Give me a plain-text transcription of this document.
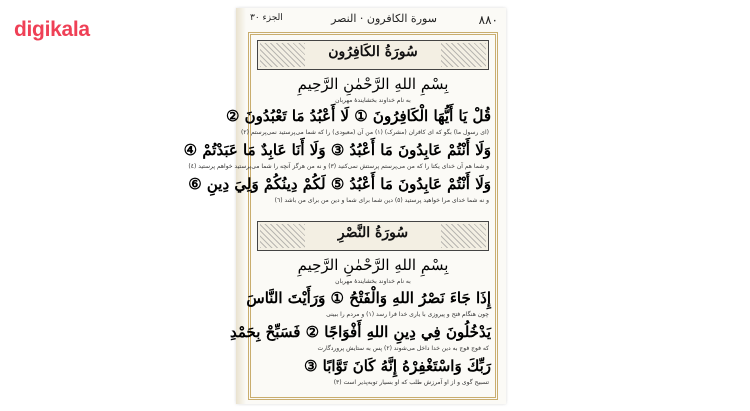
digikala	الجزء ٣٠	سورة الكافرون · النصر	۸۸۰
سُورَةُ الكَافِرُون
بِسْمِ اللهِ الرَّحْمٰنِ الرَّحِيمِ
به نام خداوند بخشایندهٔ مهربان
قُلْ يَا أَيُّهَا الْكَافِرُونَ ① لَا أَعْبُدُ مَا تَعْبُدُونَ ②
(ای رسول ما) بگو که ای کافران (مشرک) (١) من آن (معبودی) را که شما می‌پرستید نمی‌پرستم (٢)
وَلَا أَنْتُمْ عَابِدُونَ مَا أَعْبُدُ ③ وَلَا أَنَا عَابِدٌ مَا عَبَدْتُمْ ④
و شما هم آن خدای یکتا را که من می‌پرستم پرستش نمی‌کنید (٣) و نه من هرگز آنچه را شما می‌پرستید خواهم پرستید (٤)
وَلَا أَنْتُمْ عَابِدُونَ مَا أَعْبُدُ ⑤ لَكُمْ دِينُكُمْ وَلِيَ دِينِ ⑥
و نه شما خدای مرا خواهید پرستید (٥) دین شما برای شما و دین من برای من باشد (٦)
سُورَةُ النَّصْرِ
بِسْمِ اللهِ الرَّحْمٰنِ الرَّحِيمِ
به نام خداوند بخشایندهٔ مهربان
إِذَا جَاءَ نَصْرُ اللهِ وَالْفَتْحُ ① وَرَأَيْتَ النَّاسَ
چون هنگام فتح و پیروزی با یاری خدا فرا رسد (١) و مردم را ببینی
يَدْخُلُونَ فِي دِينِ اللهِ أَفْوَاجًا ② فَسَبِّحْ بِحَمْدِ
که فوج فوج به دین خدا داخل می‌شوند (٢) پس به ستایش پروردگارت
رَبِّكَ وَاسْتَغْفِرْهُ إِنَّهُ كَانَ تَوَّابًا ③
تسبیح گوی و از او آمرزش طلب که او بسیار توبه‌پذیر است (٣)
